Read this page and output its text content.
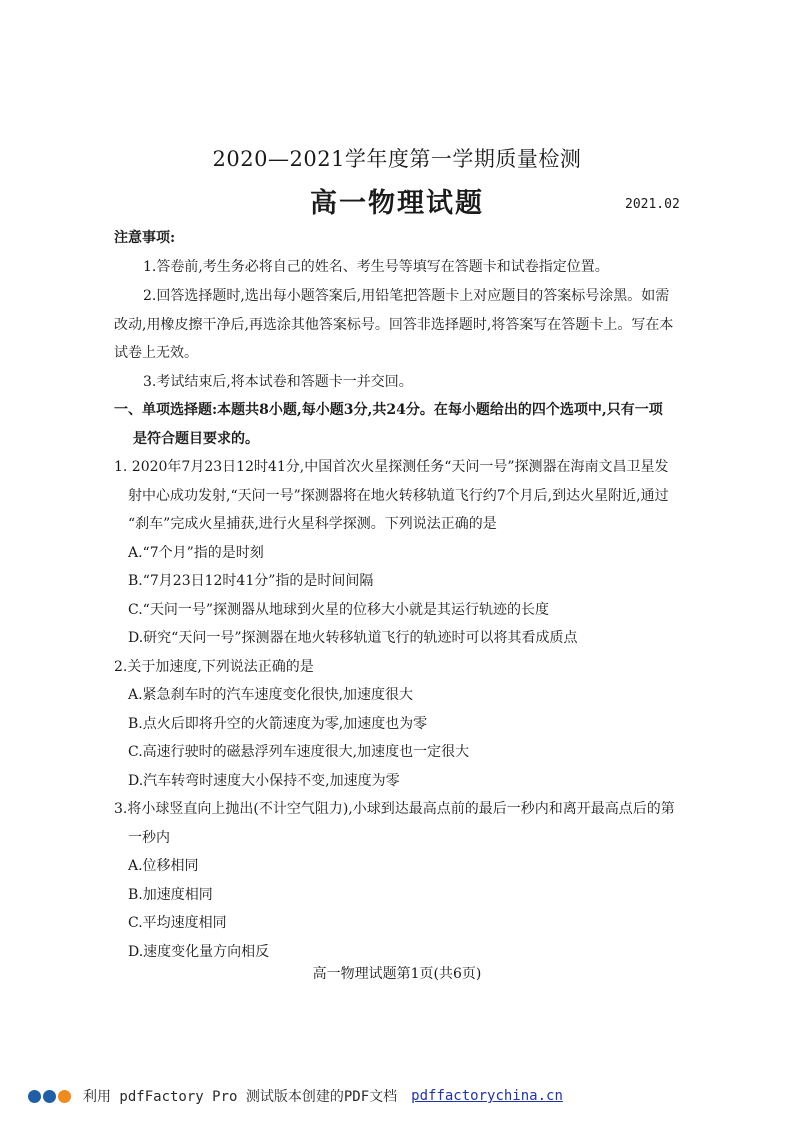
2020—2021学年度第一学期质量检测
高一物理试题	2021.02
注意事项:
1.答卷前,考生务必将自己的姓名、考生号等填写在答题卡和试卷指定位置。
2.回答选择题时,选出每小题答案后,用铅笔把答题卡上对应题目的答案标号涂黑。如需
改动,用橡皮擦干净后,再选涂其他答案标号。回答非选择题时,将答案写在答题卡上。写在本
试卷上无效。
3.考试结束后,将本试卷和答题卡一并交回。
一、单项选择题:本题共8小题,每小题3分,共24分。在每小题给出的四个选项中,只有一项
是符合题目要求的。
1. 2020年7月23日12时41分,中国首次火星探测任务“天问一号”探测器在海南文昌卫星发
射中心成功发射,“天问一号”探测器将在地火转移轨道飞行约7个月后,到达火星附近,通过
“刹车”完成火星捕获,进行火星科学探测。下列说法正确的是
A.“7个月”指的是时刻
B.“7月23日12时41分”指的是时间间隔
C.“天问一号”探测器从地球到火星的位移大小就是其运行轨迹的长度
D.研究“天问一号”探测器在地火转移轨道飞行的轨迹时可以将其看成质点
2.关于加速度,下列说法正确的是
A.紧急刹车时的汽车速度变化很快,加速度很大
B.点火后即将升空的火箭速度为零,加速度也为零
C.高速行驶时的磁悬浮列车速度很大,加速度也一定很大
D.汽车转弯时速度大小保持不变,加速度为零
3.将小球竖直向上抛出(不计空气阻力),小球到达最高点前的最后一秒内和离开最高点后的第
一秒内
A.位移相同
B.加速度相同
C.平均速度相同
D.速度变化量方向相反
高一物理试题第1页(共6页)
利用 pdfFactory Pro 测试版本创建的PDF文档 pdffactorychina.cn
